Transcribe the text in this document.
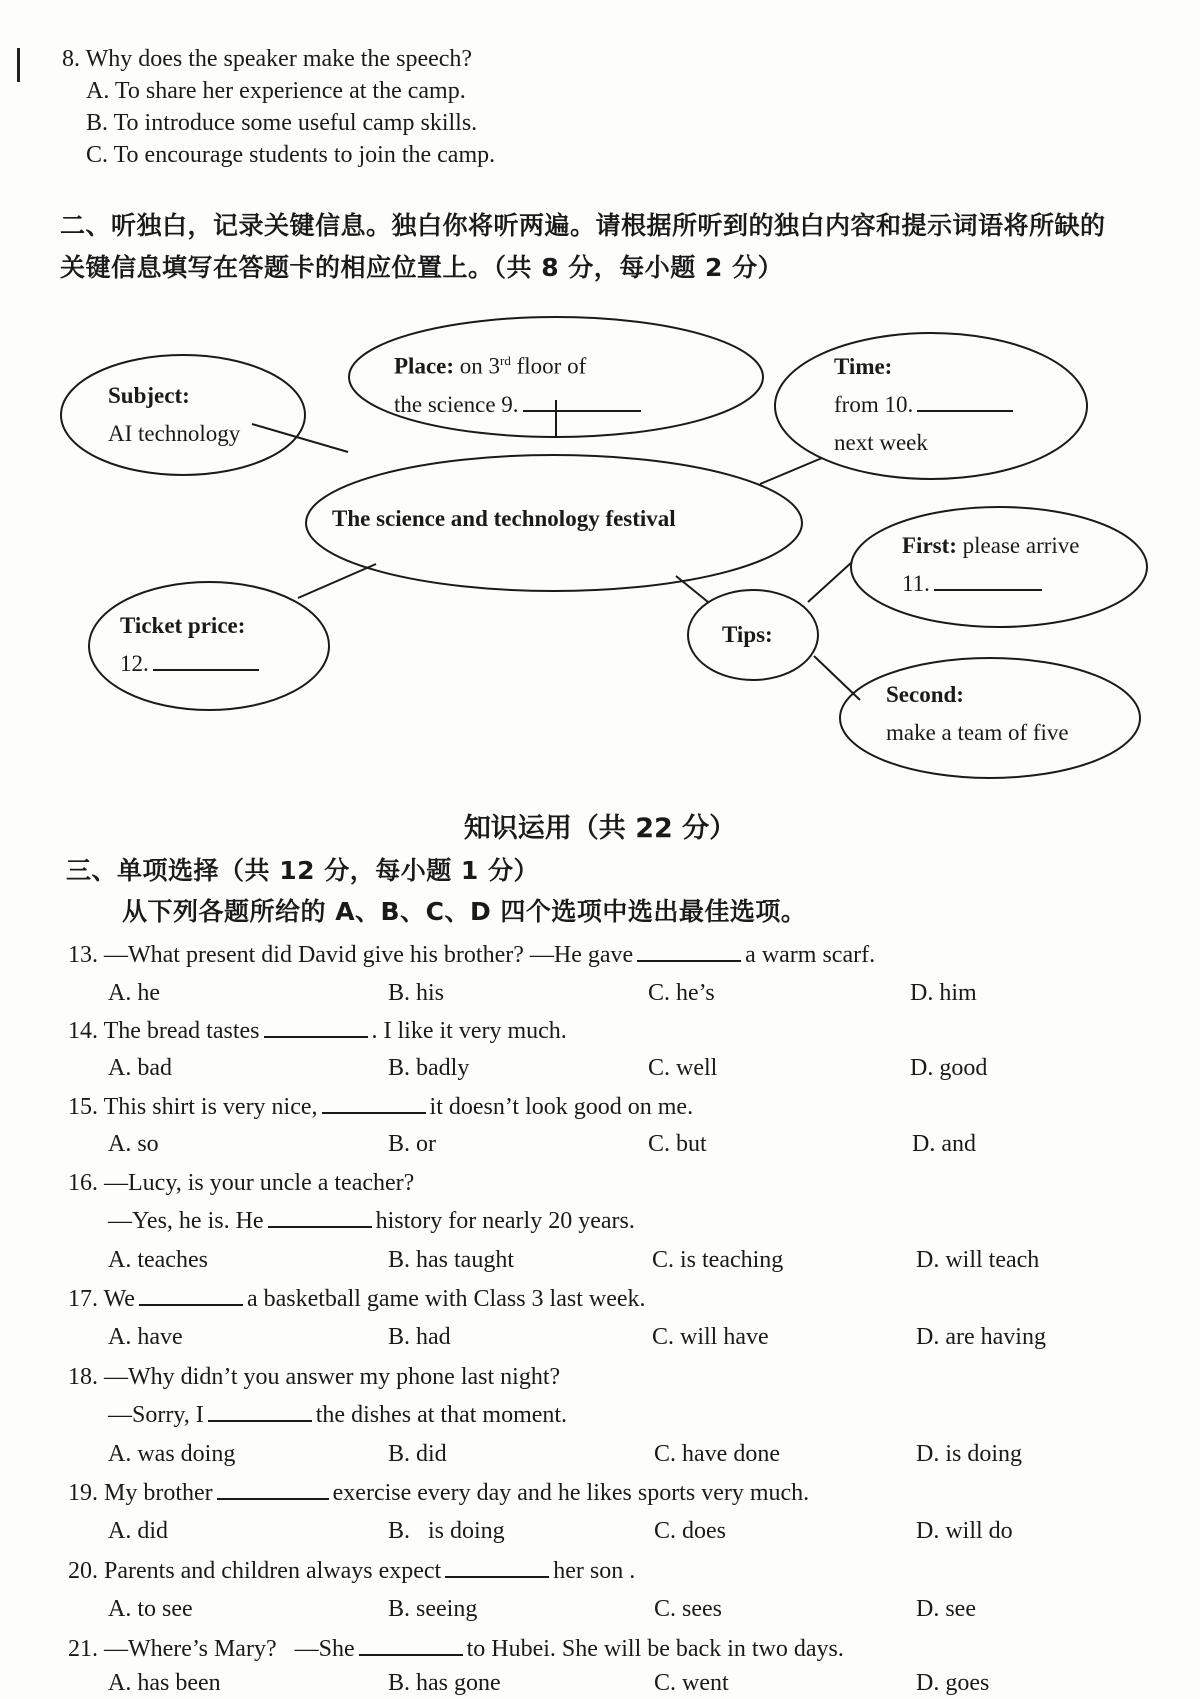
8. Why does the speaker make the speech?
A. To share her experience at the camp.
B. To introduce some useful camp skills.
C. To encourage students to join the camp.
二、听独白，记录关键信息。独白你将听两遍。请根据所听到的独白内容和提示词语将所缺的
关键信息填写在答题卡的相应位置上。（共 8 分，每小题 2 分）
Subject:
AI technology
Place: on 3rd floor of
the science 9.
Time:
from 10.
next week
The science and technology festival
Ticket price:
12.
Tips:
First: please arrive
11.
Second:
make a team of five
知识运用（共 22 分）
三、单项选择（共 12 分，每小题 1 分）
从下列各题所给的 A、B、C、D 四个选项中选出最佳选项。
13. —What present did David give his brother? —He gave	a warm scarf.
A. he	B. his	C. he’s	D. him
14. The bread tastes	. I like it very much.
A. bad	B. badly	C. well	D. good
15. This shirt is very nice,	it doesn’t look good on me.
A. so	B. or	C. but	D. and
16. —Lucy, is your uncle a teacher?
—Yes, he is. He	history for nearly 20 years.
A. teaches	B. has taught	C. is teaching	D. will teach
17. We	a basketball game with Class 3 last week.
A. have	B. had	C. will have	D. are having
18. —Why didn’t you answer my phone last night?
—Sorry, I	the dishes at that moment.
A. was doing	B. did	C. have done	D. is doing
19. My brother	exercise every day and he likes sports very much.
A. did	B.   is doing	C. does	D. will do
20. Parents and children always expect	her son .
A. to see	B. seeing	C. sees	D. see
21. —Where’s Mary?   —She	to Hubei. She will be back in two days.
A. has been	B. has gone	C. went	D. goes
